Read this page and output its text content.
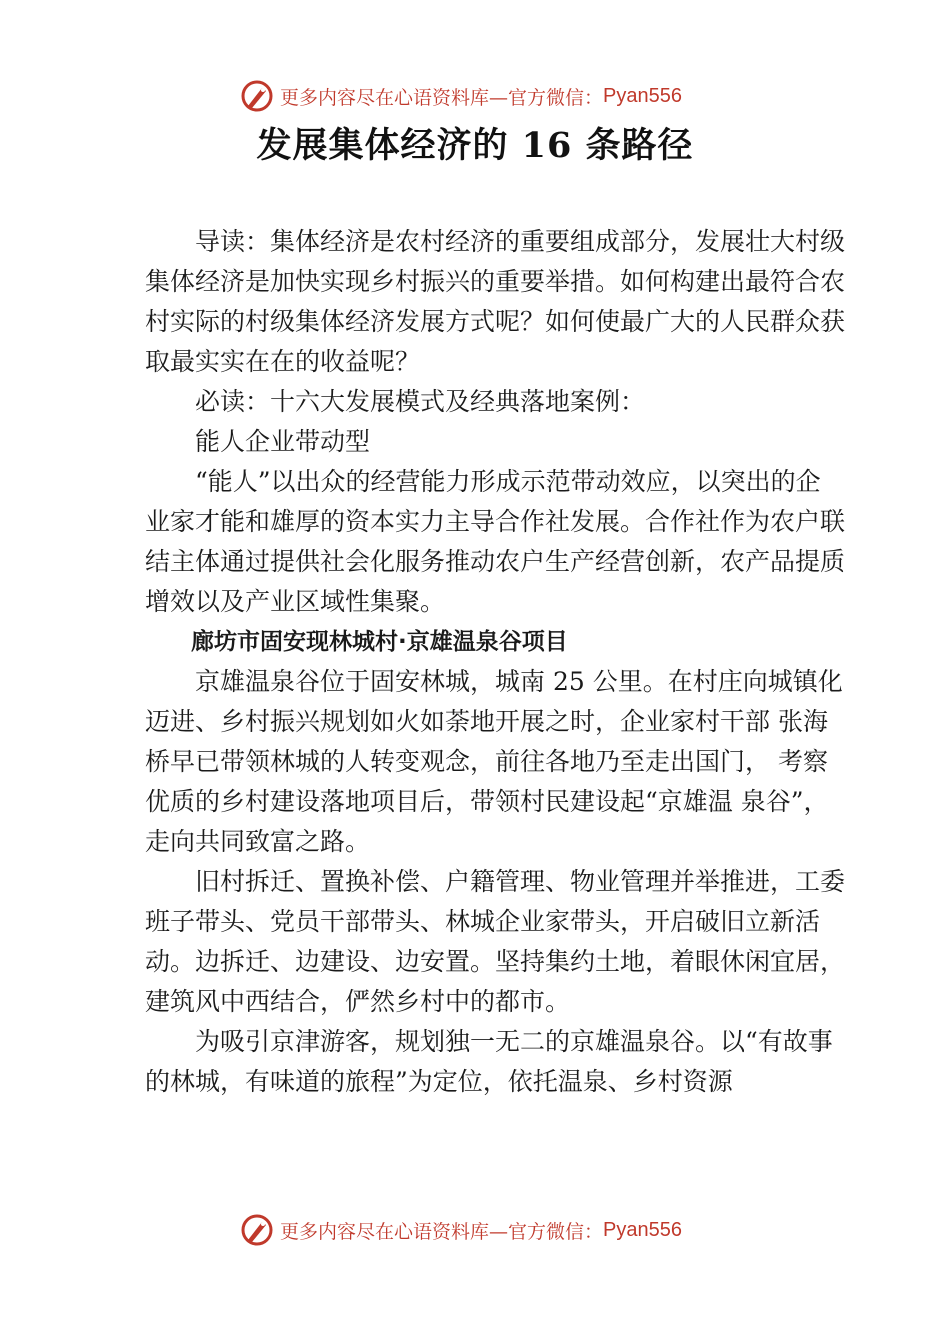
更多内容尽在心语资料库—官方微信： Pyan556
发展集体经济的 16 条路径

导读：集体经济是农村经济的重要组成部分，发展壮大村级集体经济是加快实现乡村振兴的重要举措。如何构建出最符合农村实际的村级集体经济发展方式呢？如何使最广大的人民群众获取最实实在在的收益呢？

必读：十六大发展模式及经典落地案例：

能人企业带动型

“能人”以出众的经营能力形成示范带动效应，以突出的企业家才能和雄厚的资本实力主导合作社发展。合作社作为农户联结主体通过提供社会化服务推动农户生产经营创新，农产品提质增效以及产业区域性集聚。

廊坊市固安现林城村·京雄温泉谷项目

京雄温泉谷位于固安林城，城南 25 公里。在村庄向城镇化迈进、乡村振兴规划如火如荼地开展之时，企业家村干部 张海桥早已带领林城的人转变观念，前往各地乃至走出国门， 考察优质的乡村建设落地项目后，带领村民建设起“京雄温 泉谷”，走向共同致富之路。

旧村拆迁、置换补偿、户籍管理、物业管理并举推进，工委班子带头、党员干部带头、林城企业家带头，开启破旧立新活动。边拆迁、边建设、边安置。坚持集约土地，着眼休闲宜居，建筑风中西结合，俨然乡村中的都市。

为吸引京津游客，规划独一无二的京雄温泉谷。以“有故事的林城，有味道的旅程”为定位，依托温泉、乡村资源

更多内容尽在心语资料库—官方微信： Pyan556
